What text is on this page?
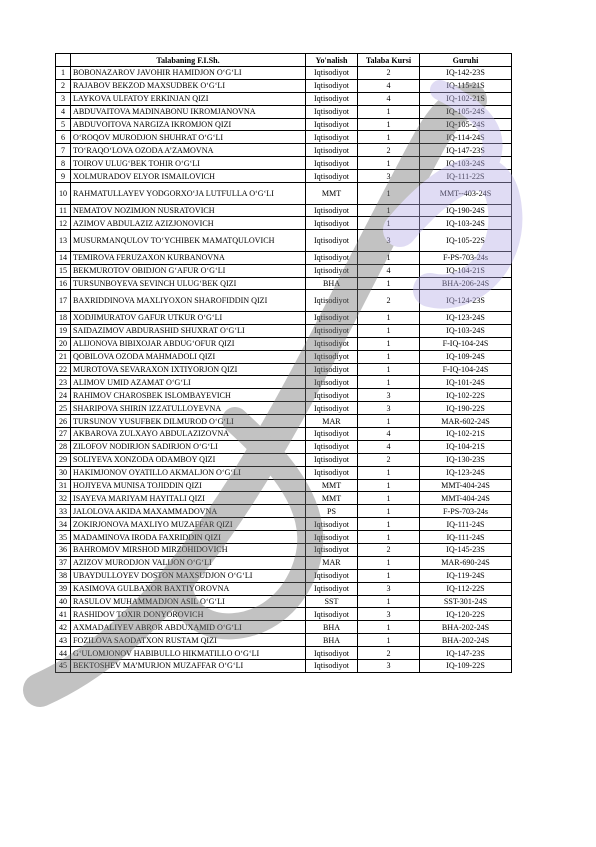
	Talabaning F.I.Sh.	Yo'nalish	Talaba Kursi	Guruhi
1	BOBONAZAROV JAVOHIR HAMIDJON O‘G‘LI	Iqtisodiyot	2	IQ-142-23S
2	RAJABOV BEKZOD MAXSUDBEK O‘G‘LI	Iqtisodiyot	4	IQ-115-21S
3	LAYKOVA ULFATOY ERKINJAN QIZI	Iqtisodiyot	4	IQ-102-21S
4	ABDUVAITOVA MADINABONU IKROMJANOVNA	Iqtisodiyot	1	IQ-105-24S
5	ABDUVOITOVA NARGIZA IKROMJON QIZI	Iqtisodiyot	1	IQ-105-24S
6	O‘ROQOV MURODJON SHUHRAT O‘G‘LI	Iqtisodiyot	1	IQ-114-24S
7	TO‘RAQO‘LOVA OZODA A’ZAMOVNA	Iqtisodiyot	2	IQ-147-23S
8	TOIROV ULUG‘BEK TOHIR O‘G‘LI	Iqtisodiyot	1	IQ-103-24S
9	XOLMURADOV ELYOR ISMAILOVICH	Iqtisodiyot	3	IQ-111-22S
10	RAHMATULLAYEV YODGORXO‘JA LUTFULLA O‘G‘LI	MMT	1	MMT--403-24S
11	NEMATOV NOZIMJON NUSRATOVICH	Iqtisodiyot	1	IQ-190-24S
12	AZIMOV ABDULAZIZ AZIZJONOVICH	Iqtisodiyot	1	IQ-103-24S
13	MUSURMANQULOV TO‘YCHIBEK MAMATQULOVICH	Iqtisodiyot	3	IQ-105-22S
14	TEMIROVA FERUZAXON KURBANOVNA	Iqtisodiyot	1	F-PS-703-24s
15	BEKMUROTOV OBIDJON G‘AFUR O‘G‘LI	Iqtisodiyot	4	IQ-104-21S
16	TURSUNBOYEVA SEVINCH ULUG‘BEK QIZI	BHA	1	BHA-206-24S
17	BAXRIDDINOVA MAXLIYOXON SHAROFIDDIN QIZI	Iqtisodiyot	2	IQ-124-23S
18	XODJIMURATOV GAFUR UTKUR O‘G‘LI	Iqtisodiyot	1	IQ-123-24S
19	SAIDAZIMOV ABDURASHID SHUXRAT O‘G‘LI	Iqtisodiyot	1	IQ-103-24S
20	ALIJONOVA BIBIXOJAR ABDUG‘OFUR QIZI	Iqtisodiyot	1	F-IQ-104-24S
21	QOBILOVA OZODA MAHMADOLI QIZI	Iqtisodiyot	1	IQ-109-24S
22	MUROTOVA SEVARAXON IXTIYORJON QIZI	Iqtisodiyot	1	F-IQ-104-24S
23	ALIMOV UMID AZAMAT O‘G‘LI	Iqtisodiyot	1	IQ-101-24S
24	RAHIMOV CHAROSBEK ISLOMBAYEVICH	Iqtisodiyot	3	IQ-102-22S
25	SHARIPOVA SHIRIN IZZATULLOYEVNA	Iqtisodiyot	3	IQ-190-22S
26	TURSUNOV YUSUFBEK DILMUROD O‘G‘LI	MAR	1	MAR-602-24S
27	AKBAROVA ZULXAYO ABDULAZIZOVNA	Iqtisodiyot	4	IQ-102-21S
28	ZILOFOV NODIRJON SADIRJON O‘G‘LI	Iqtisodiyot	4	IQ-104-21S
29	SOLIYEVA XONZODA ODAMBOY QIZI	Iqtisodiyot	2	IQ-130-23S
30	HAKIMJONOV OYATILLO AKMALJON O‘G‘LI	Iqtisodiyot	1	IQ-123-24S
31	HOJIYEVA MUNISA TOJIDDIN QIZI	MMT	1	MMT-404-24S
32	ISAYEVA MARIYAM HAYITALI QIZI	MMT	1	MMT-404-24S
33	JALOLOVA AKIDA MAXAMMADOVNA	PS	1	F-PS-703-24s
34	ZOKIRJONOVA MAXLIYO MUZAFFAR QIZI	Iqtisodiyot	1	IQ-111-24S
35	MADAMINOVA IRODA FAXRIDDIN QIZI	Iqtisodiyot	1	IQ-111-24S
36	BAHROMOV MIRSHOD MIRZOHIDOVICH	Iqtisodiyot	2	IQ-145-23S
37	AZIZOV MURODJON VALIJON O‘G‘LI	MAR	1	MAR-690-24S
38	UBAYDULLOYEV DOSTON MAXSUDJON O‘G‘LI	Iqtisodiyot	1	IQ-119-24S
39	KASIMOVA GULBAXOR BAXTIYOROVNA	Iqtisodiyot	3	IQ-112-22S
40	RASULOV MUHAMMADJON ASIL O‘G‘LI	SST	1	SST-301-24S
41	RASHIDOV TOXIR DONYOROVICH	Iqtisodiyot	3	IQ-120-22S
42	AXMADALIYEV ABROR ABDUXAMID O‘G‘LI	BHA	1	BHA-202-24S
43	FOZILOVA SAODATXON RUSTAM QIZI	BHA	1	BHA-202-24S
44	G‘ULOMJONOV HABIBULLO HIKMATILLO O‘G‘LI	Iqtisodiyot	2	IQ-147-23S
45	BEKTOSHEV MA’MURJON MUZAFFAR O‘G‘LI	Iqtisodiyot	3	IQ-109-22S
